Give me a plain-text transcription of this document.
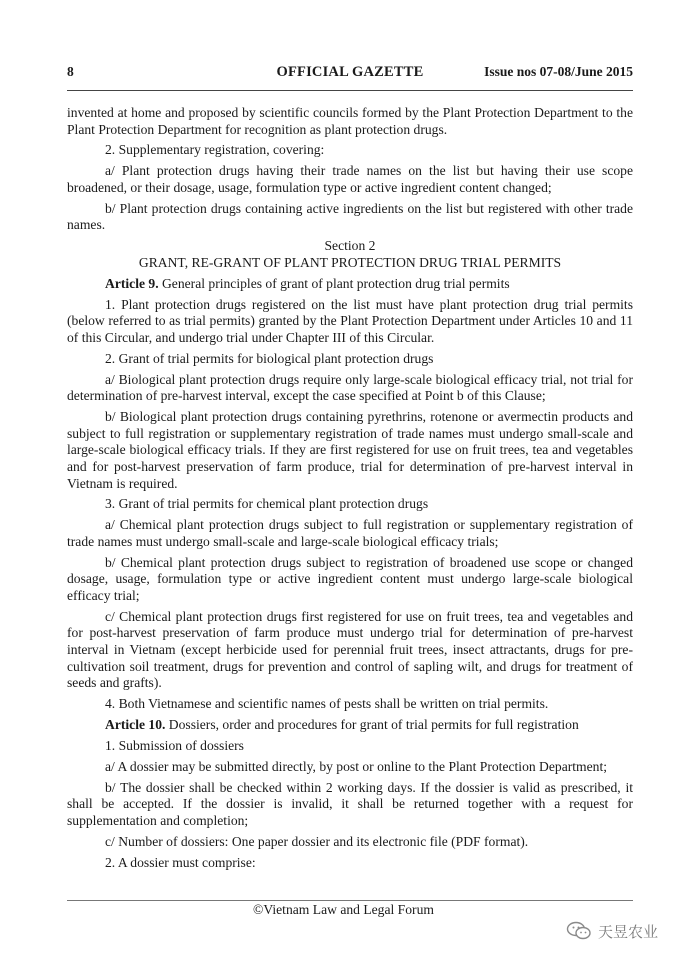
8	OFFICIAL GAZETTE	Issue nos 07-08/June 2015

invented at home and proposed by scientific councils formed by the Plant Protection Department to the Plant Protection Department for recognition as plant protection drugs.

2. Supplementary registration, covering:

a/ Plant protection drugs having their trade names on the list but having their use scope broadened, or their dosage, usage, formulation type or active ingredient content changed;

b/ Plant protection drugs containing active ingredients on the list but registered with other trade names.

Section 2

GRANT, RE-GRANT OF PLANT PROTECTION DRUG TRIAL PERMITS

Article 9. General principles of grant of plant protection drug trial permits

1. Plant protection drugs registered on the list must have plant protection drug trial permits (below referred to as trial permits) granted by the Plant Protection Department under Articles 10 and 11 of this Circular, and undergo trial under Chapter III of this Circular.

2. Grant of trial permits for biological plant protection drugs

a/ Biological plant protection drugs require only large-scale biological efficacy trial, not trial for determination of pre-harvest interval, except the case specified at Point b of this Clause;

b/ Biological plant protection drugs containing pyrethrins, rotenone or avermectin products and subject to full registration or supplementary registration of trade names must undergo small-scale and large-scale biological efficacy trials. If they are first registered for use on fruit trees, tea and vegetables and for post-harvest preservation of farm produce, trial for determination of pre-harvest interval in Vietnam is required.

3. Grant of trial permits for chemical plant protection drugs

a/ Chemical plant protection drugs subject to full registration or supplementary registration of trade names must undergo small-scale and large-scale biological efficacy trials;

b/ Chemical plant protection drugs subject to registration of broadened use scope or changed dosage, usage, formulation type or active ingredient content must undergo large-scale biological efficacy trial;

c/ Chemical plant protection drugs first registered for use on fruit trees, tea and vegetables and for post-harvest preservation of farm produce must undergo trial for determination of pre-harvest interval in Vietnam (except herbicide used for perennial fruit trees, insect attractants, drugs for pre-cultivation soil treatment, drugs for prevention and control of sapling wilt, and drugs for treatment of seeds and grafts).

4. Both Vietnamese and scientific names of pests shall be written on trial permits.

Article 10. Dossiers, order and procedures for grant of trial permits for full registration

1. Submission of dossiers

a/ A dossier may be submitted directly, by post or online to the Plant Protection Department;

b/ The dossier shall be checked within 2 working days. If the dossier is valid as prescribed, it shall be accepted. If the dossier is invalid, it shall be returned together with a request for supplementation and completion;

c/ Number of dossiers: One paper dossier and its electronic file (PDF format).

2. A dossier must comprise:

©Vietnam Law and Legal Forum
天昱农业
